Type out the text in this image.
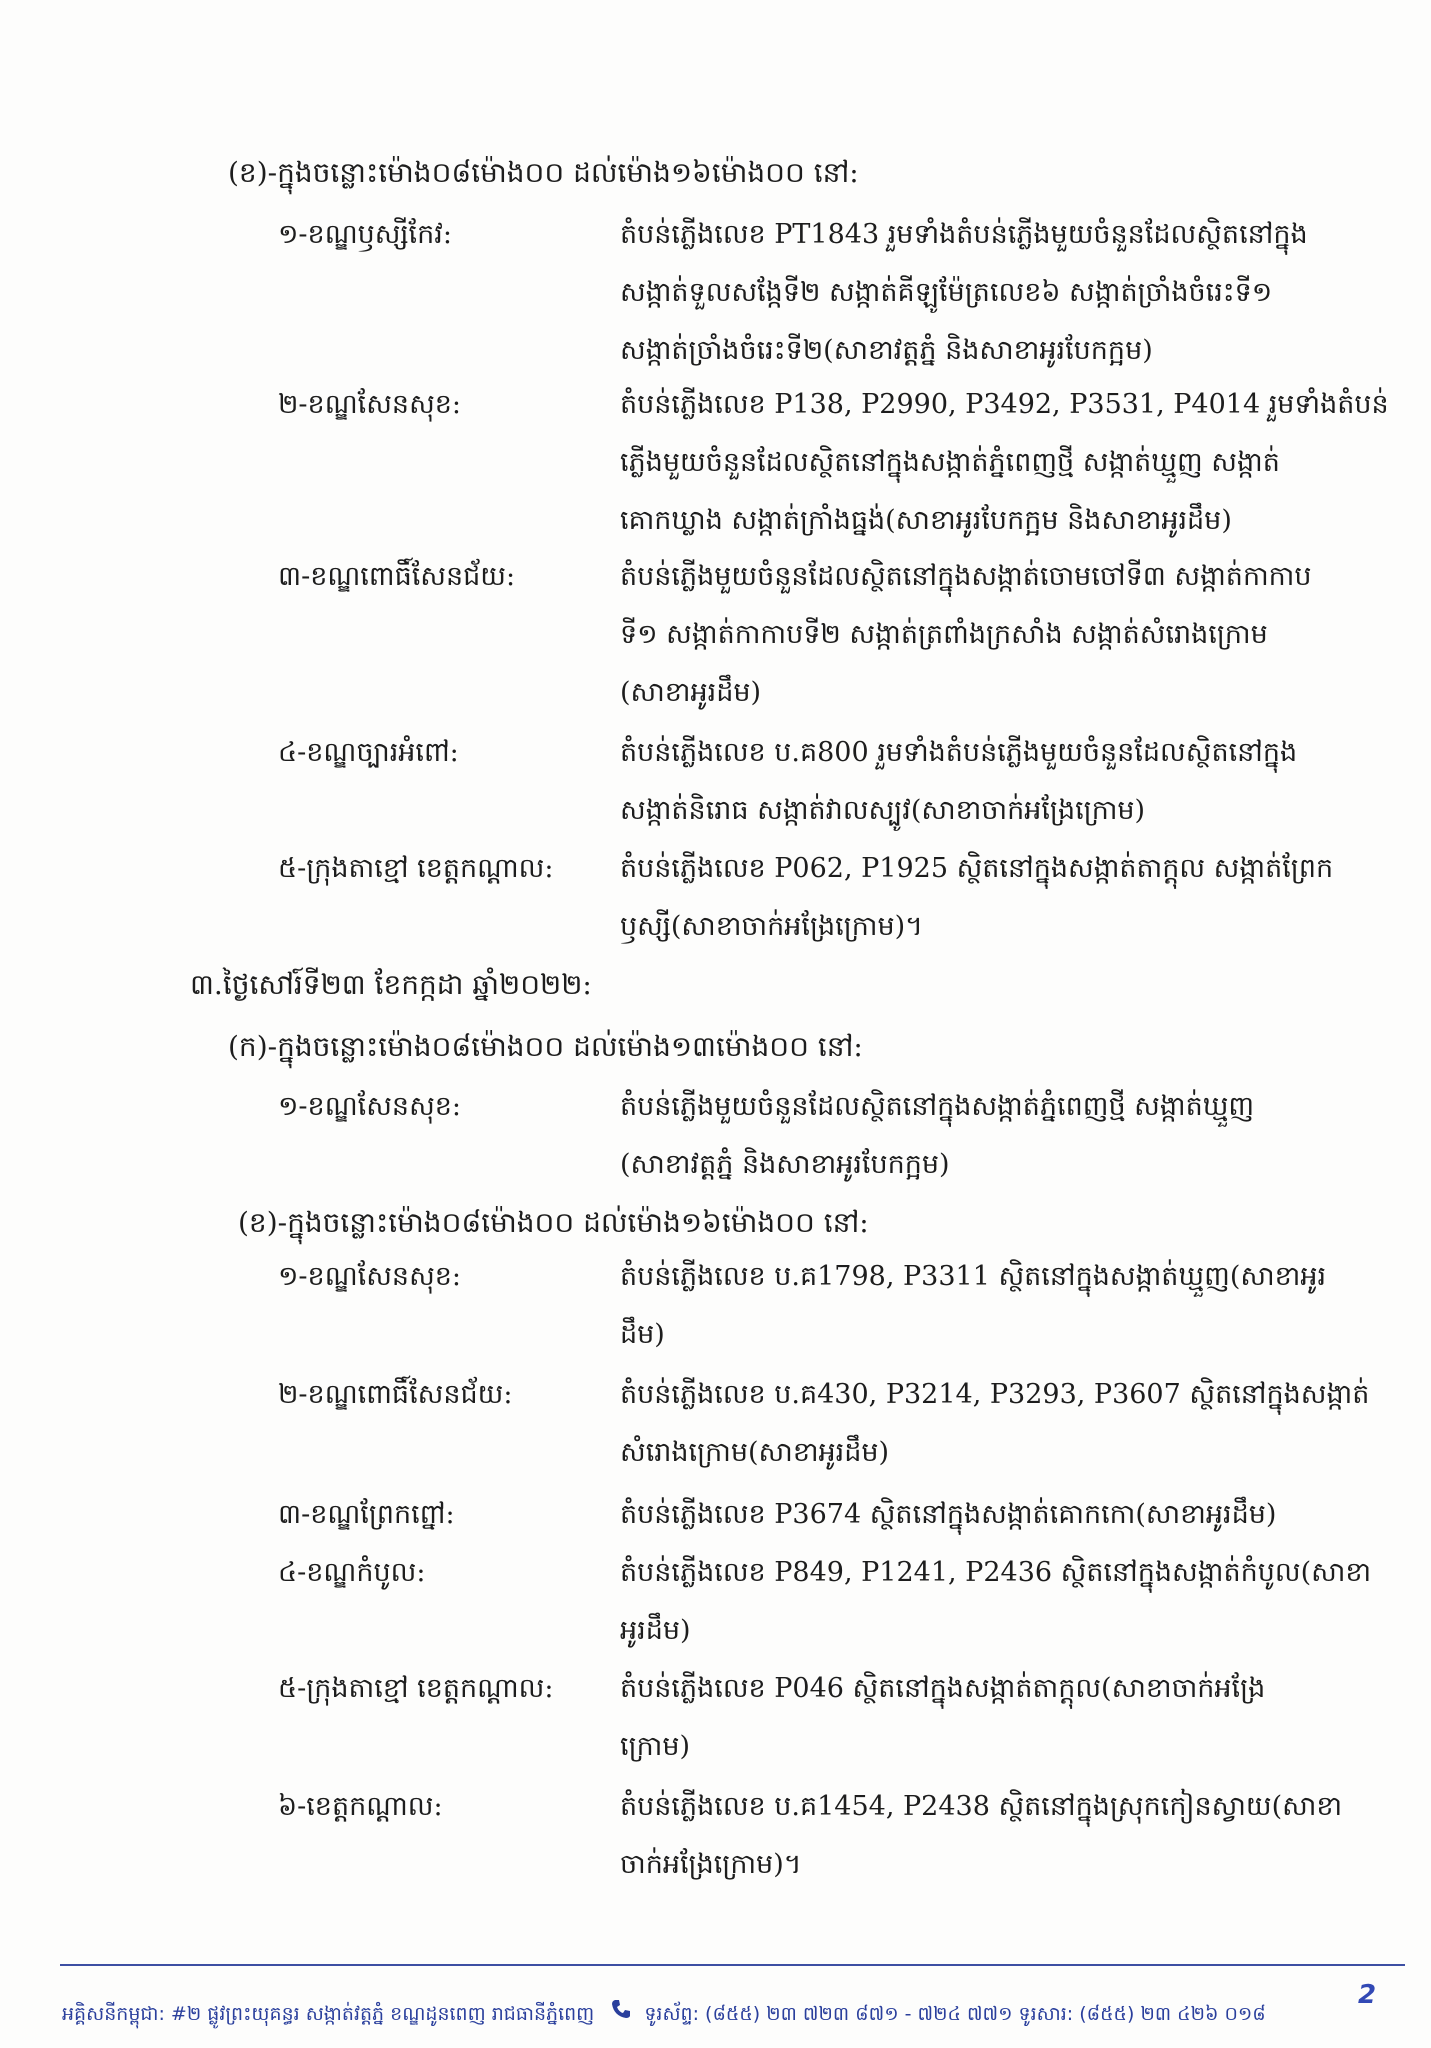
(ខ)-ក្នុងចន្លោះម៉ោង០៨ម៉ោង០០ ដល់ម៉ោង១៦ម៉ោង០០ នៅ:
១-ខណ្ឌឫស្សីកែវ:	តំបន់ភ្លើងលេខ PT1843 រួមទាំងតំបន់ភ្លើងមួយចំនួនដែលស្ថិតនៅក្នុង
សង្កាត់ទួលសង្កែទី២ សង្កាត់គីឡូម៉ែត្រលេខ៦ សង្កាត់ច្រាំងចំរេះទី១
សង្កាត់ច្រាំងចំរេះទី២(សាខាវត្តភ្នំ និងសាខាអូរបែកក្អម)
២-ខណ្ឌសែនសុខ:	តំបន់ភ្លើងលេខ P138, P2990, P3492, P3531, P4014 រួមទាំងតំបន់
ភ្លើងមួយចំនួនដែលស្ថិតនៅក្នុងសង្កាត់ភ្នំពេញថ្មី សង្កាត់ឃ្មួញ សង្កាត់
គោកឃ្លាង សង្កាត់ក្រាំងធ្នង់(សាខាអូរបែកក្អម និងសាខាអូរដឹម)
៣-ខណ្ឌពោធិ៍សែនជ័យ:	តំបន់ភ្លើងមួយចំនួនដែលស្ថិតនៅក្នុងសង្កាត់ចោមចៅទី៣ សង្កាត់កាកាប
ទី១ សង្កាត់កាកាបទី២ សង្កាត់ត្រពាំងក្រសាំង សង្កាត់សំរោងក្រោម
(សាខាអូរដឹម)
៤-ខណ្ឌច្បារអំពៅ:	តំបន់ភ្លើងលេខ ប.គ800 រួមទាំងតំបន់ភ្លើងមួយចំនួនដែលស្ថិតនៅក្នុង
សង្កាត់និរោធ សង្កាត់វាលស្បូវ(សាខាចាក់អង្រែក្រោម)
៥-ក្រុងតាខ្មៅ ខេត្តកណ្ដាល: តំបន់ភ្លើងលេខ P062, P1925 ស្ថិតនៅក្នុងសង្កាត់តាក្ដុល សង្កាត់ព្រែក
ឫស្សី(សាខាចាក់អង្រែក្រោម)។
៣.ថ្ងៃសៅរ៍ទី២៣ ខែកក្កដា ឆ្នាំ២០២២:
(ក)-ក្នុងចន្លោះម៉ោង០៨ម៉ោង០០ ដល់ម៉ោង១៣ម៉ោង០០ នៅ:
១-ខណ្ឌសែនសុខ:	តំបន់ភ្លើងមួយចំនួនដែលស្ថិតនៅក្នុងសង្កាត់ភ្នំពេញថ្មី សង្កាត់ឃ្មួញ
(សាខាវត្តភ្នំ និងសាខាអូរបែកក្អម)
(ខ)-ក្នុងចន្លោះម៉ោង០៨ម៉ោង០០ ដល់ម៉ោង១៦ម៉ោង០០ នៅ:
១-ខណ្ឌសែនសុខ:	តំបន់ភ្លើងលេខ ប.គ1798, P3311 ស្ថិតនៅក្នុងសង្កាត់ឃ្មួញ(សាខាអូរ
ដឹម)
២-ខណ្ឌពោធិ៍សែនជ័យ:	តំបន់ភ្លើងលេខ ប.គ430, P3214, P3293, P3607 ស្ថិតនៅក្នុងសង្កាត់
សំរោងក្រោម(សាខាអូរដឹម)
៣-ខណ្ឌព្រែកព្នៅ:	តំបន់ភ្លើងលេខ P3674 ស្ថិតនៅក្នុងសង្កាត់គោកកោ(សាខាអូរដឹម)
៤-ខណ្ឌកំបូល:	តំបន់ភ្លើងលេខ P849, P1241, P2436 ស្ថិតនៅក្នុងសង្កាត់កំបូល(សាខា
អូរដឹម)
៥-ក្រុងតាខ្មៅ ខេត្តកណ្ដាល: តំបន់ភ្លើងលេខ P046 ស្ថិតនៅក្នុងសង្កាត់តាក្ដុល(សាខាចាក់អង្រែ
ក្រោម)
៦-ខេត្តកណ្ដាល:	តំបន់ភ្លើងលេខ ប.គ1454, P2438 ស្ថិតនៅក្នុងស្រុកកៀនស្វាយ(សាខា
ចាក់អង្រែក្រោម)។
អគ្គិសនីកម្ពុជា: #២ ផ្លូវព្រះយុគន្ធរ សង្កាត់វត្តភ្នំ ខណ្ឌដូនពេញ រាជធានីភ្នំពេញ	ទូរស័ព្ទ: (៨៥៥) ២៣ ៧២៣ ៨៧១ - ៧២៤ ៧៧១ ទូរសារ: (៨៥៥) ២៣ ៤២៦ ០១៨
2
